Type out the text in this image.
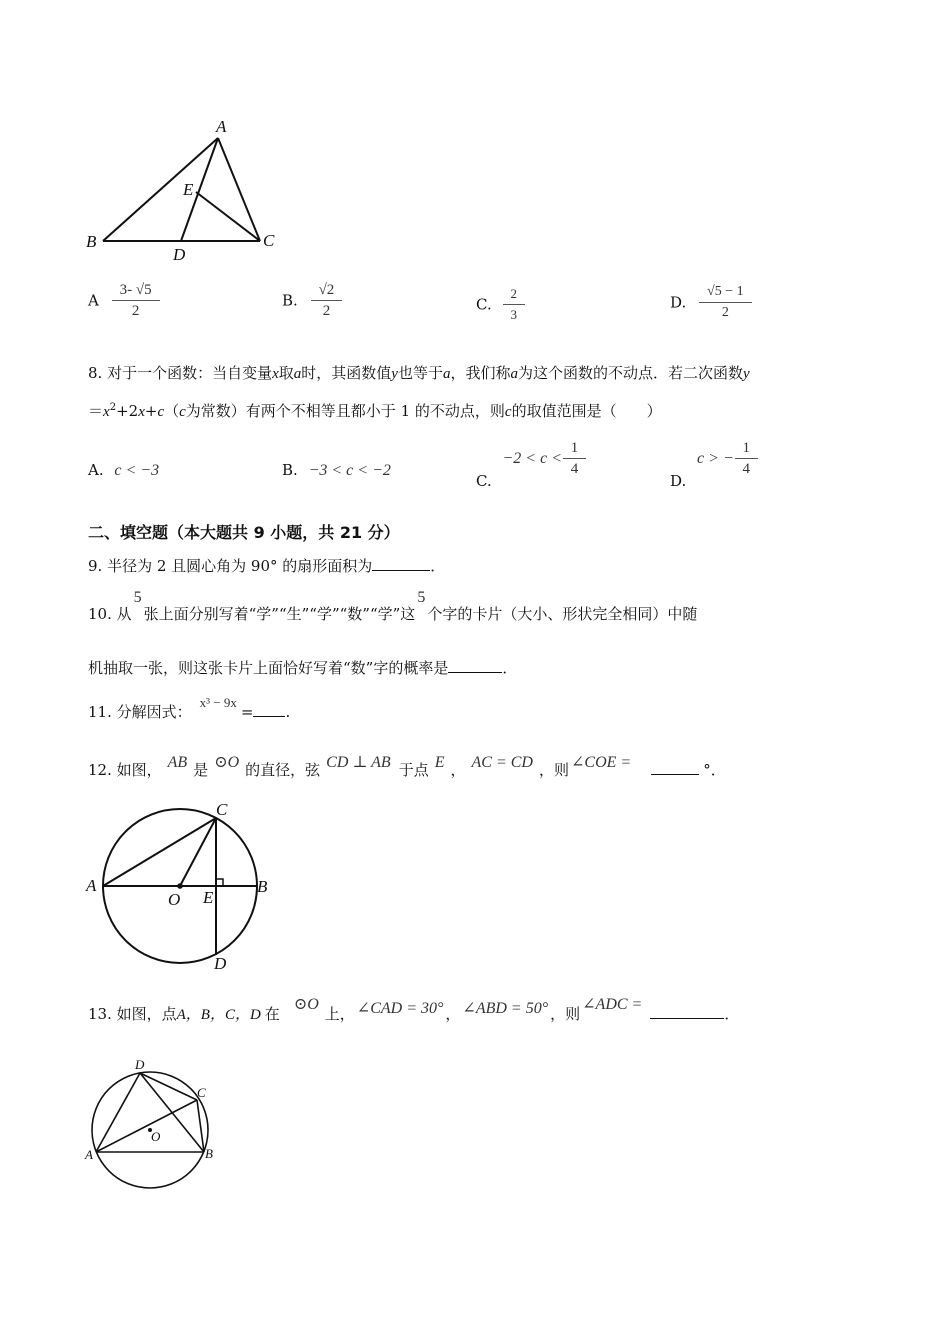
A
B	C
D
E
A $\frac{3- √5}{2}$	B. $\frac{√2}{2}$	C. $\frac{2}{3}$	D. $\frac{√5 - 1}{2}$
8. 对于一个函数：当自变量x取a时，其函数值y也等于a，我们称a为这个函数的不动点．若二次函数y
$=x^2+2x+c(c$为常数）有两个不相等且都小于 1 的不动点，则c的取值范围是（　　）
A. c < −3	B. −3 < c < −2
C. $-2 < c < \frac{1}{4}$
D. c > − $\frac{1}{4}$
二、填空题（本大题共 9 小题，共 21 分）
9. 半径为 2 且圆心角为 90° 的扇形面积为	．
10. 从5张上面分别写着“学”“生”“学”“数”“学”这5个字的卡片（大小、形状完全相同）中随
机抽取一张，则这张卡片上面恰好写着“数”字的概率是	．
11. 分解因式：x³ − 9x= .
12. 如图， AB 是 ⊙O 的直径，弦 CD ⊥ AB 于点 E ， AC = CD ，则 ∠COE =	°．
C
A	B
O E
D
13. 如图，点A，B，C，D 在⊙O上， ∠CAD = 30° ， ∠ABD = 50° ，则∠ADC =．
D
C
O
A	B
